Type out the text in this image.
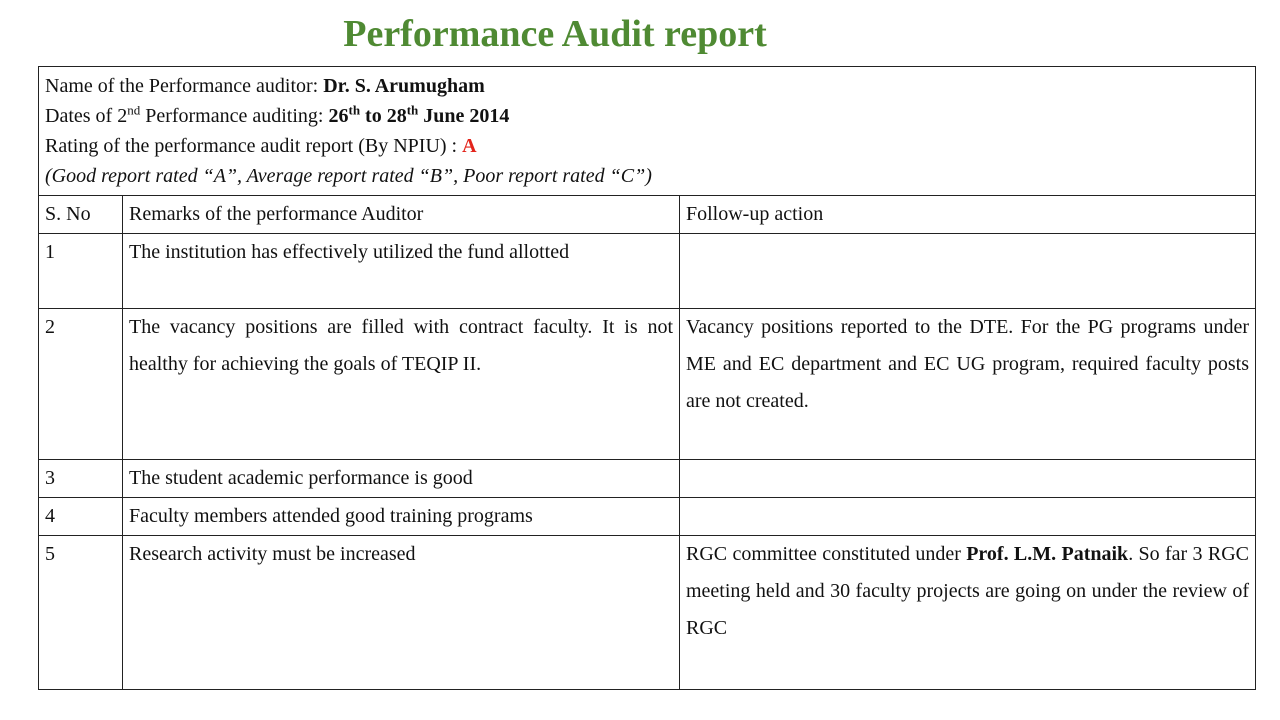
Performance Audit report
Name of the Performance auditor: Dr. S. Arumugham
Dates of 2nd Performance auditing: 26th to 28th June 2014
Rating of the performance audit report (By NPIU) : A
(Good report rated “A”, Average report rated “B”, Poor report rated “C”)		

S. No	Remarks of the performance Auditor	Follow-up action
1	The institution has effectively utilized the fund allotted	
2	The vacancy positions are filled with contract faculty. It is not healthy for achieving the goals of TEQIP II.	Vacancy positions reported to the DTE. For the PG programs under ME and EC department and EC UG program, required faculty posts are not created.
3	The student academic performance is good	
4	Faculty members attended good training programs	
5	Research activity must be increased	RGC committee constituted under Prof. L.M. Patnaik. So far 3 RGC meeting held and 30 faculty projects are going on under the review of RGC
